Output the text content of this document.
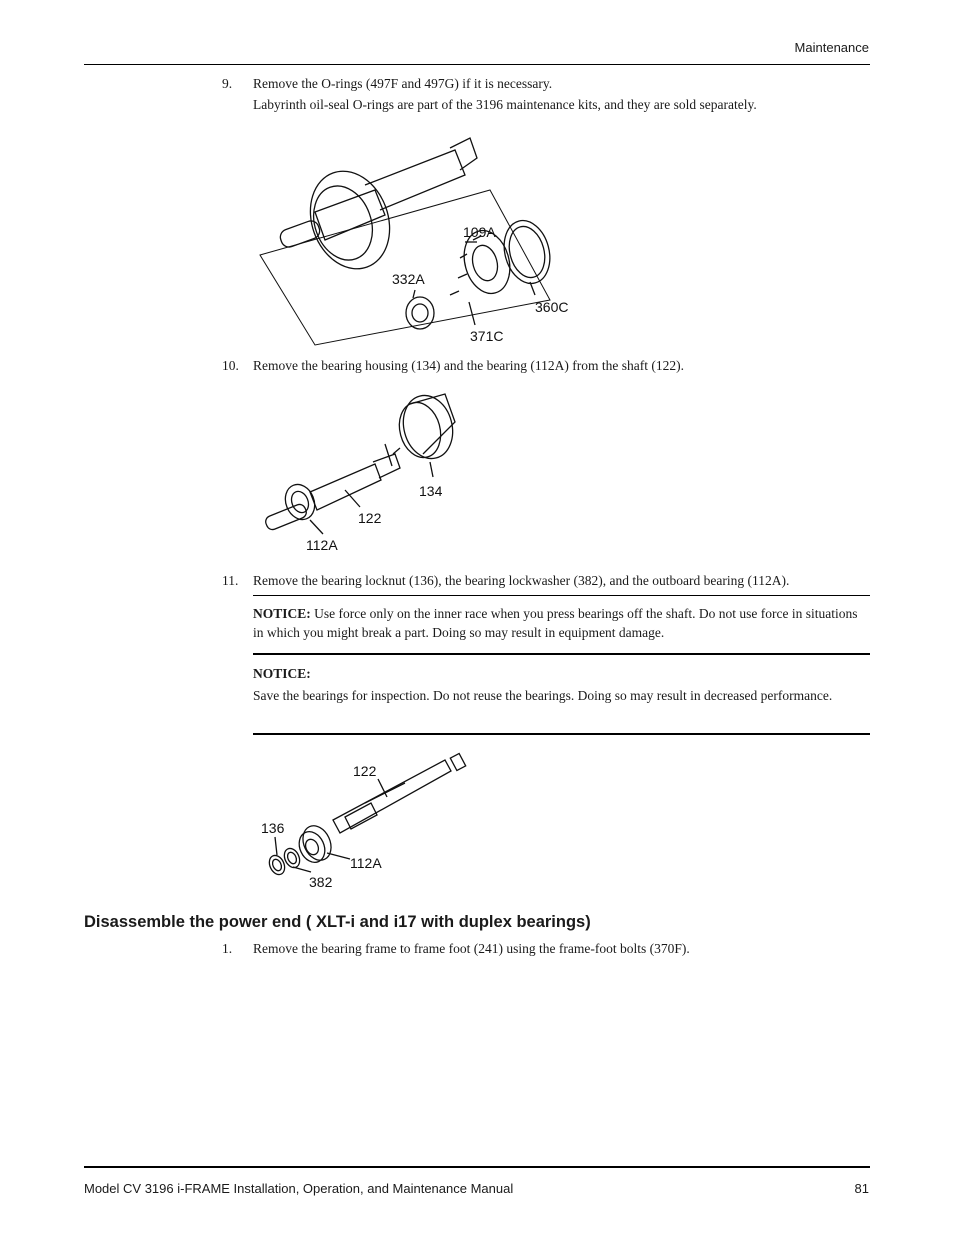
Maintenance
9.	Remove the O-rings (497F and 497G) if it is necessary.
Labyrinth oil-seal O-rings are part of the 3196 maintenance kits, and they are sold separately.
109A
332A
360C
371C
10.	Remove the bearing housing (134) and the bearing (112A) from the shaft (122).
134
122
112A
11.	Remove the bearing locknut (136), the bearing lockwasher (382), and the outboard bearing (112A).
NOTICE: Use force only on the inner race when you press bearings off the shaft. Do not use force in situations in which you might break a part. Doing so may result in equipment damage.
NOTICE:
Save the bearings for inspection. Do not reuse the bearings. Doing so may result in decreased performance.
122
136
112A
382
Disassemble the power end ( XLT-i and i17 with duplex bearings)
1.	Remove the bearing frame to frame foot (241) using the frame-foot bolts (370F).
Model CV 3196 i-FRAME Installation, Operation, and Maintenance Manual	81
